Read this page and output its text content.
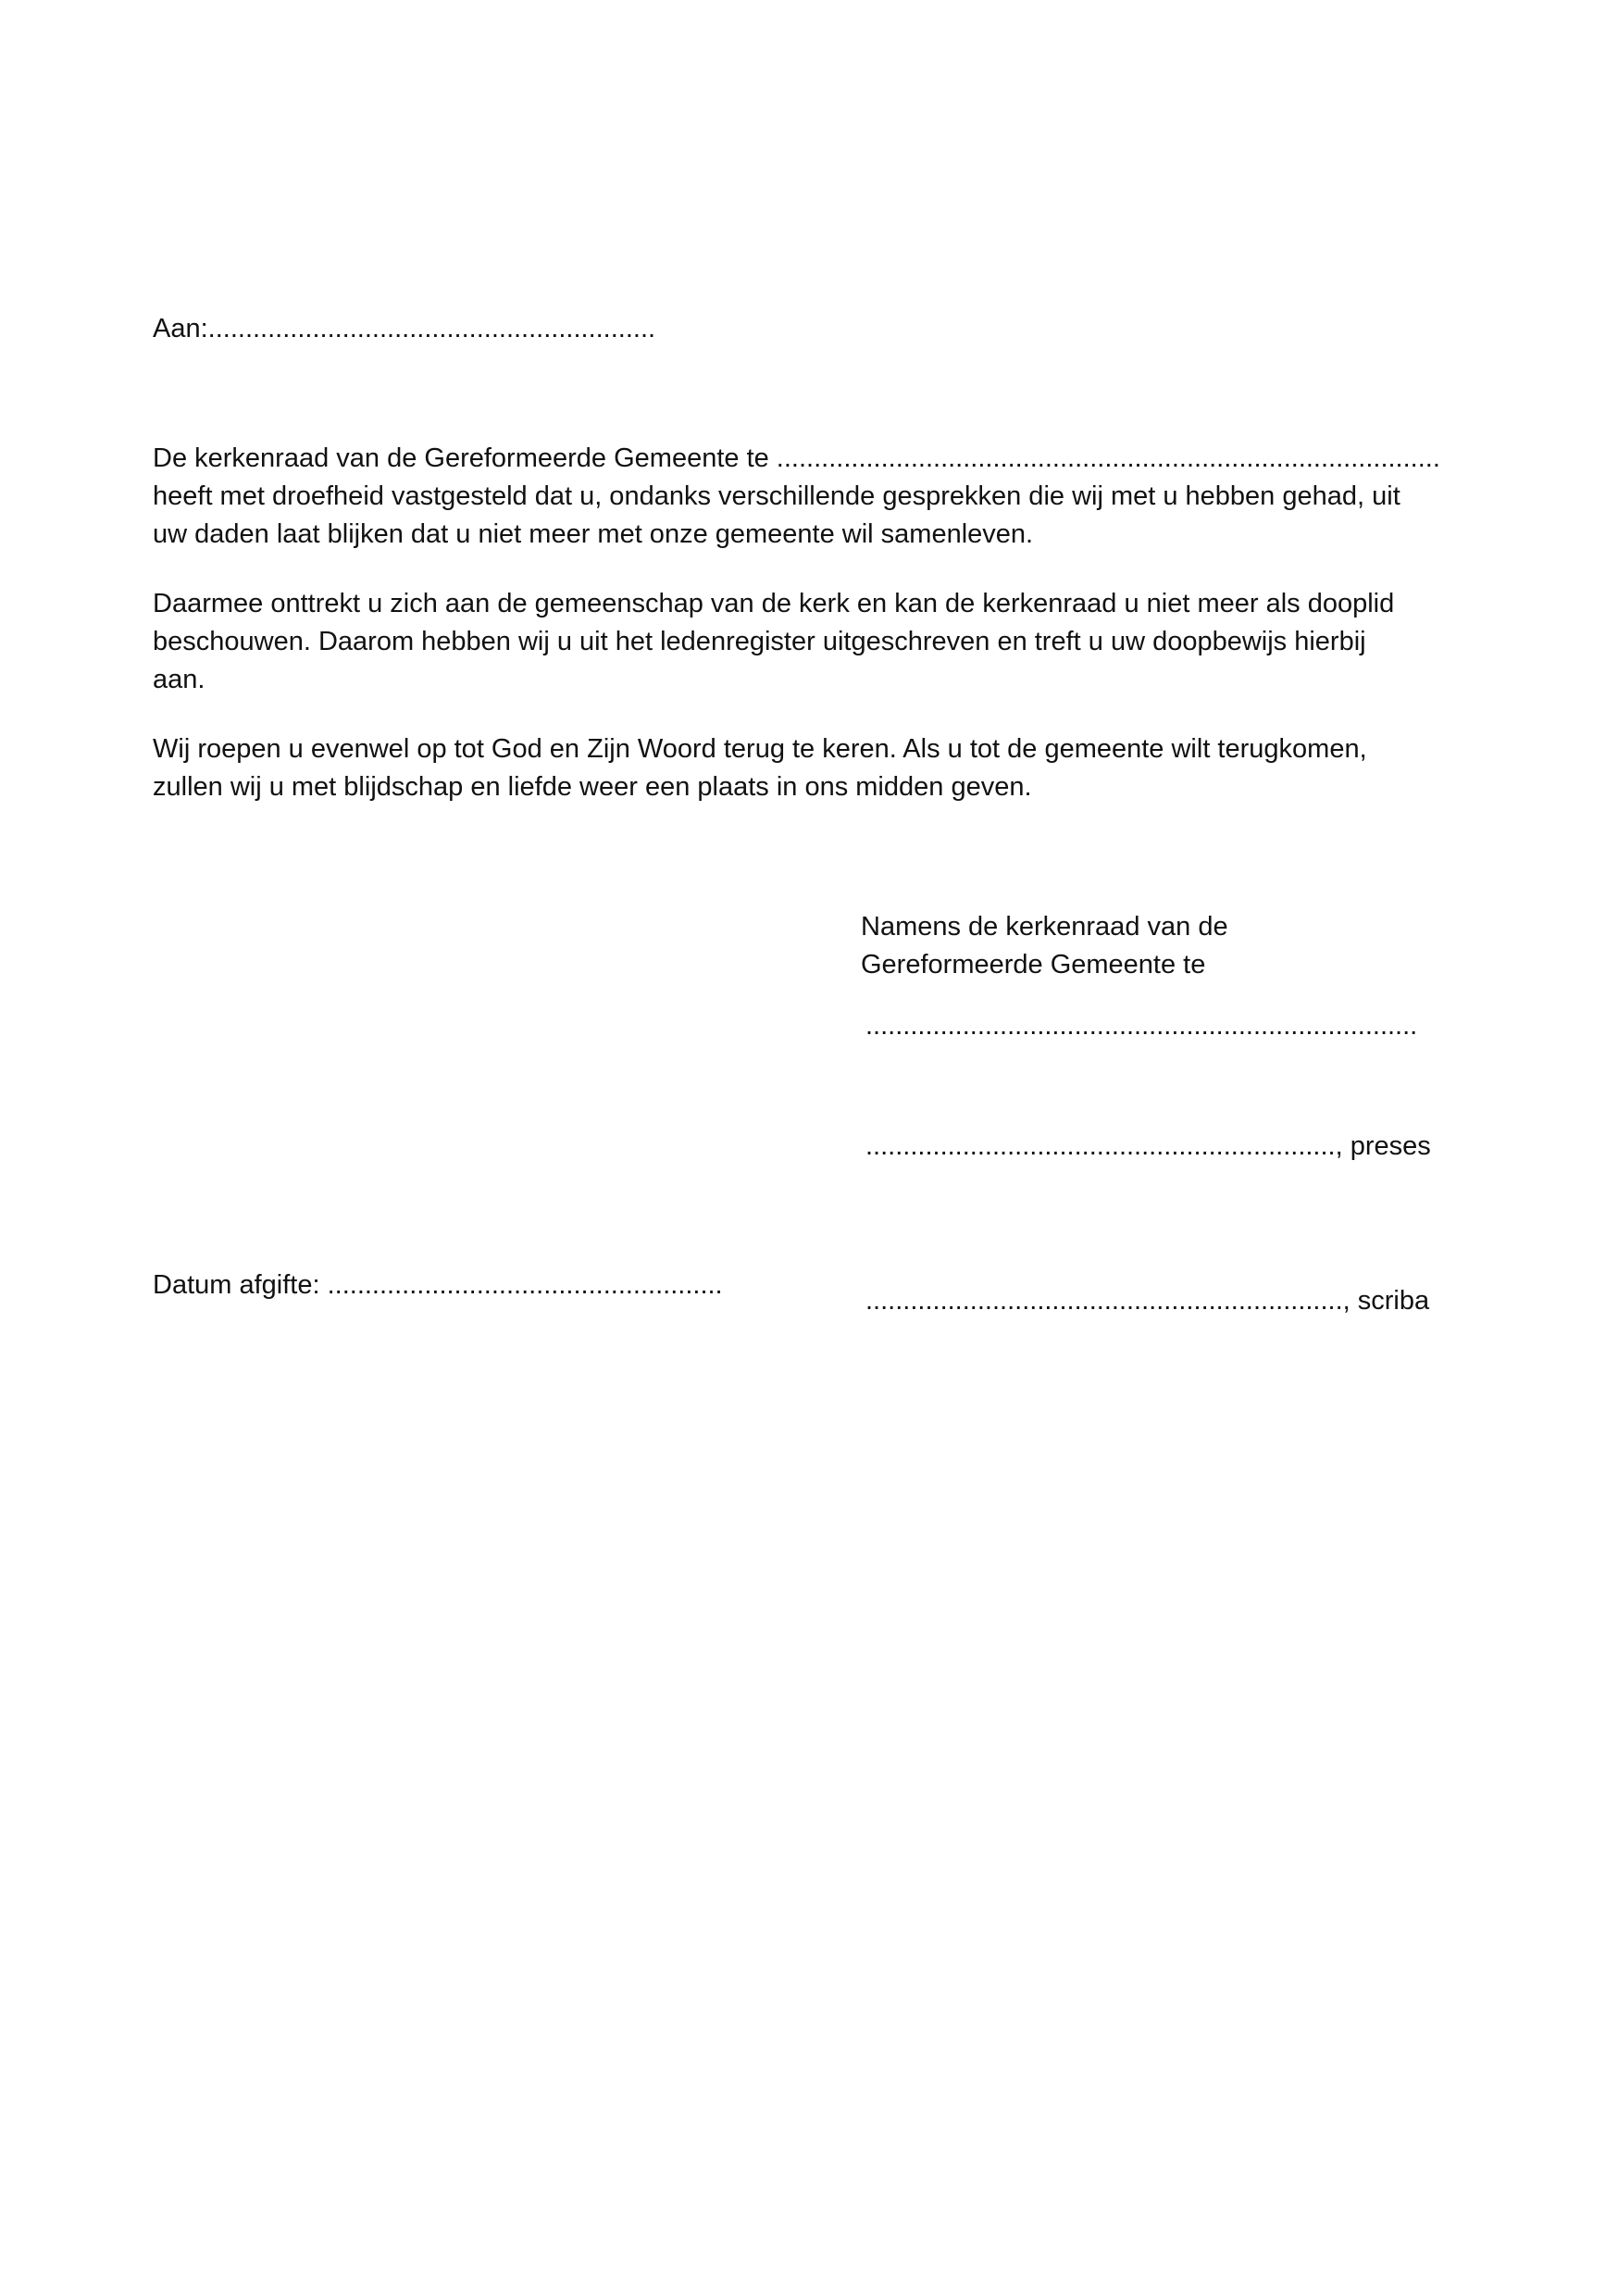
Aan:............................................................
De kerkenraad van de Gereformeerde Gemeente te .........................................................................................
heeft met droefheid vastgesteld dat u, ondanks verschillende gesprekken die wij met u hebben gehad, uit
uw daden laat blijken dat u niet meer met onze gemeente wil samenleven.
Daarmee onttrekt u zich aan de gemeenschap van de kerk en kan de kerkenraad u niet meer als dooplid
beschouwen. Daarom hebben wij u uit het ledenregister uitgeschreven en treft u uw doopbewijs hierbij
aan.
Wij roepen u evenwel op tot God en Zijn Woord terug te keren. Als u tot de gemeente wilt terugkomen,
zullen wij u met blijdschap en liefde weer een plaats in ons midden geven.
Namens de kerkenraad van de
Gereformeerde Gemeente te
..........................................................................
..............................................................., preses
Datum afgifte: .....................................................
................................................................, scriba
